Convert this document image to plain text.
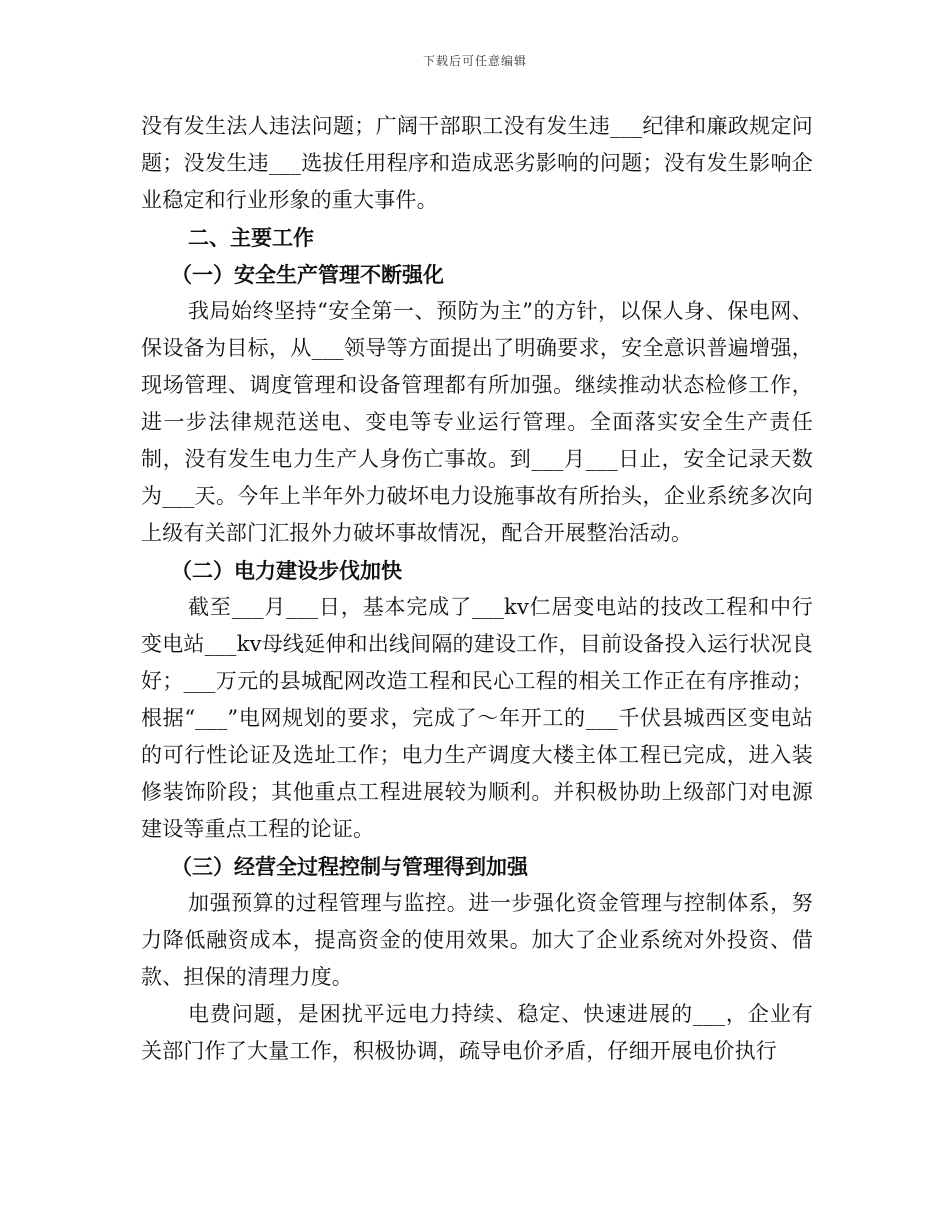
下载后可任意编辑

没有发生法人违法问题；广阔干部职工没有发生违___纪律和廉政规定问题；没发生违___选拔任用程序和造成恶劣影响的问题；没有发生影响企业稳定和行业形象的重大事件。

二、主要工作

（一）安全生产管理不断强化

我局始终坚持“安全第一、预防为主”的方针，以保人身、保电网、保设备为目标，从___领导等方面提出了明确要求，安全意识普遍增强，现场管理、调度管理和设备管理都有所加强。继续推动状态检修工作，进一步法律规范送电、变电等专业运行管理。全面落实安全生产责任制，没有发生电力生产人身伤亡事故。到___月___日止，安全记录天数为___天。今年上半年外力破坏电力设施事故有所抬头，企业系统多次向上级有关部门汇报外力破坏事故情况，配合开展整治活动。

（二）电力建设步伐加快

截至___月___日，基本完成了___kv仁居变电站的技改工程和中行变电站___kv母线延伸和出线间隔的建设工作，目前设备投入运行状况良好；___万元的县城配网改造工程和民心工程的相关工作正在有序推动；根据“___”电网规划的要求，完成了～年开工的___千伏县城西区变电站的可行性论证及选址工作；电力生产调度大楼主体工程已完成，进入装修装饰阶段；其他重点工程进展较为顺利。并积极协助上级部门对电源建设等重点工程的论证。

（三）经营全过程控制与管理得到加强

加强预算的过程管理与监控。进一步强化资金管理与控制体系，努力降低融资成本，提高资金的使用效果。加大了企业系统对外投资、借款、担保的清理力度。

电费问题，是困扰平远电力持续、稳定、快速进展的___，企业有关部门作了大量工作，积极协调，疏导电价矛盾，仔细开展电价执行
